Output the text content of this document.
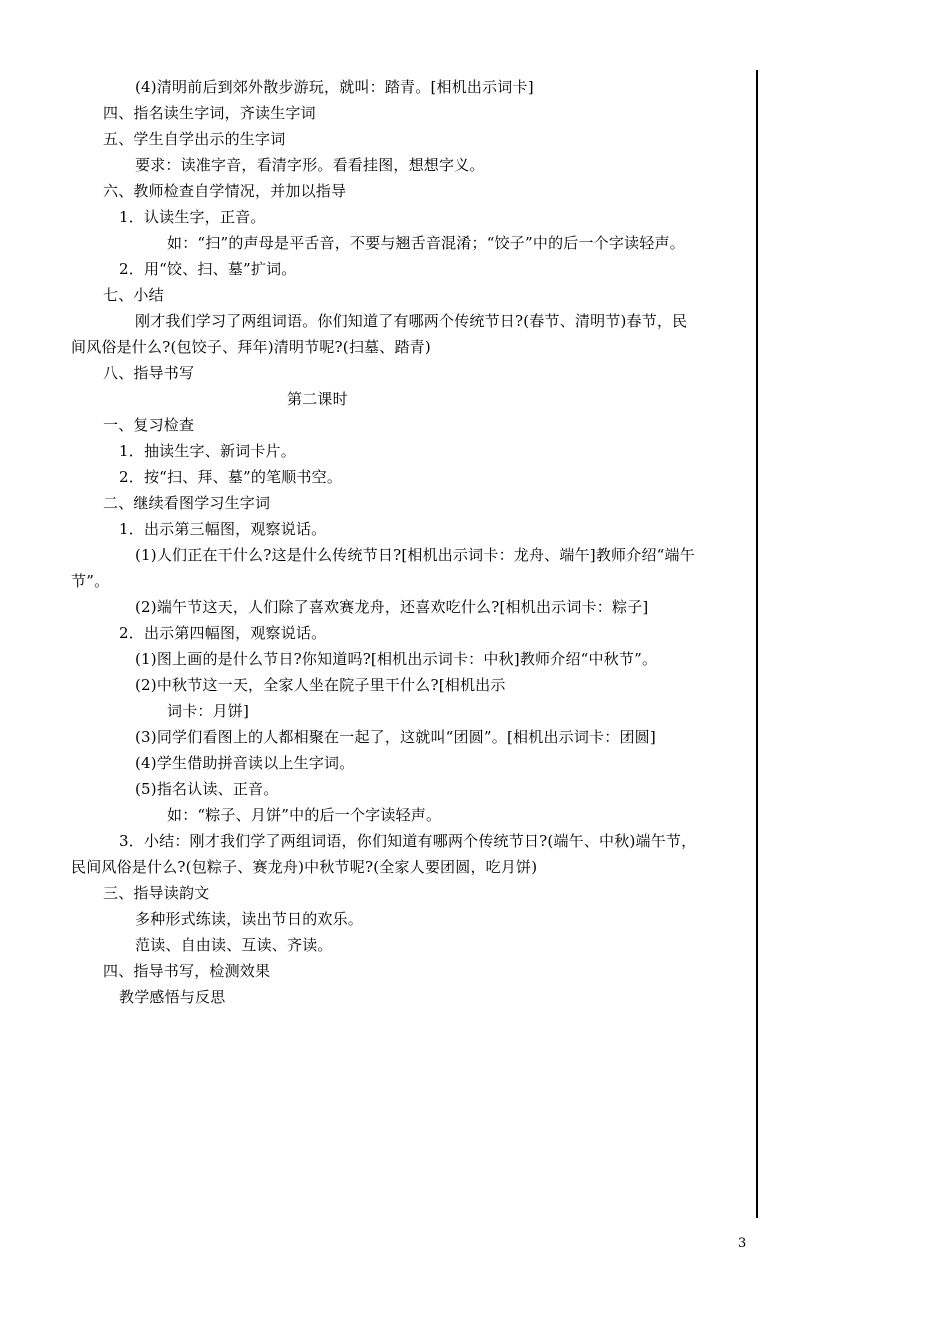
(4)清明前后到郊外散步游玩，就叫：踏青。[相机出示词卡]
四、指名读生字词，齐读生字词
五、学生自学出示的生字词
要求：读准字音，看清字形。看看挂图，想想字义。
六、教师检查自学情况，并加以指导
1．认读生字，正音。
如：“扫”的声母是平舌音，不要与翘舌音混淆；“饺子”中的后一个字读轻声。
2．用“饺、扫、墓”扩词。
七、小结
刚才我们学习了两组词语。你们知道了有哪两个传统节日?(春节、清明节)春节，民
间风俗是什么?(包饺子、拜年)清明节呢?(扫墓、踏青)
八、指导书写
第二课时
一、复习检查
1．抽读生字、新词卡片。
2．按“扫、拜、墓”的笔顺书空。
二、继续看图学习生字词
1．出示第三幅图，观察说话。
(1)人们正在干什么?这是什么传统节日?[相机出示词卡：龙舟、端午]教师介绍“端午
节”。
(2)端午节这天，人们除了喜欢赛龙舟，还喜欢吃什么?[相机出示词卡：粽子]
2．出示第四幅图，观察说话。
(1)图上画的是什么节日?你知道吗?[相机出示词卡：中秋]教师介绍“中秋节”。
(2)中秋节这一天，全家人坐在院子里干什么?[相机出示
词卡：月饼]
(3)同学们看图上的人都相聚在一起了，这就叫“团圆”。[相机出示词卡：团圆]
(4)学生借助拼音读以上生字词。
(5)指名认读、正音。
如：“粽子、月饼”中的后一个字读轻声。
3．小结：刚才我们学了两组词语，你们知道有哪两个传统节日?(端午、中秋)端午节，
民间风俗是什么?(包粽子、赛龙舟)中秋节呢?(全家人要团圆，吃月饼)
三、指导读韵文
多种形式练读，读出节日的欢乐。
范读、自由读、互读、齐读。
四、指导书写，检测效果
教学感悟与反思
3
